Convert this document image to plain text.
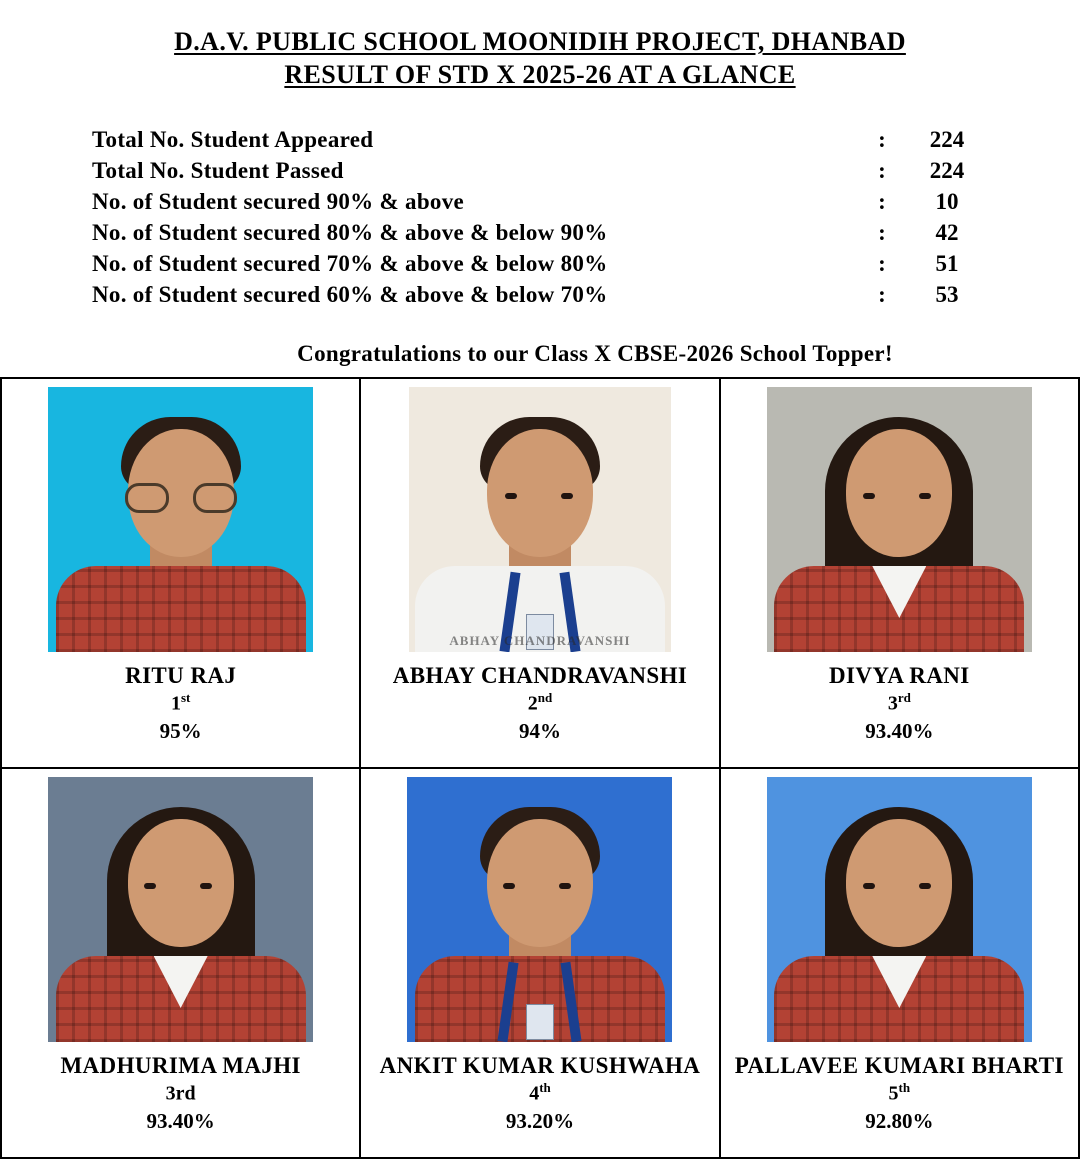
D.A.V. PUBLIC SCHOOL MOONIDIH PROJECT, DHANBAD
RESULT OF STD X 2025-26 AT A GLANCE
Total No. Student Appeared	:	224
Total No. Student Passed	:	224
No. of Student secured 90% & above	:	10
No. of Student secured 80% & above & below 90%	:	42
No. of Student secured 70% & above & below 80%	:	51
No. of Student secured 60% & above & below 70%	:	53
Congratulations to our Class X CBSE-2026 School Topper!
RITU RAJ
1st
95%
ABHAY CHANDRAVANSHI
ABHAY CHANDRAVANSHI
2nd
94%
DIVYA RANI
3rd
93.40%
MADHURIMA MAJHI
3rd
93.40%
ANKIT KUMAR KUSHWAHA
4th
93.20%
PALLAVEE KUMARI BHARTI
5th
92.80%
